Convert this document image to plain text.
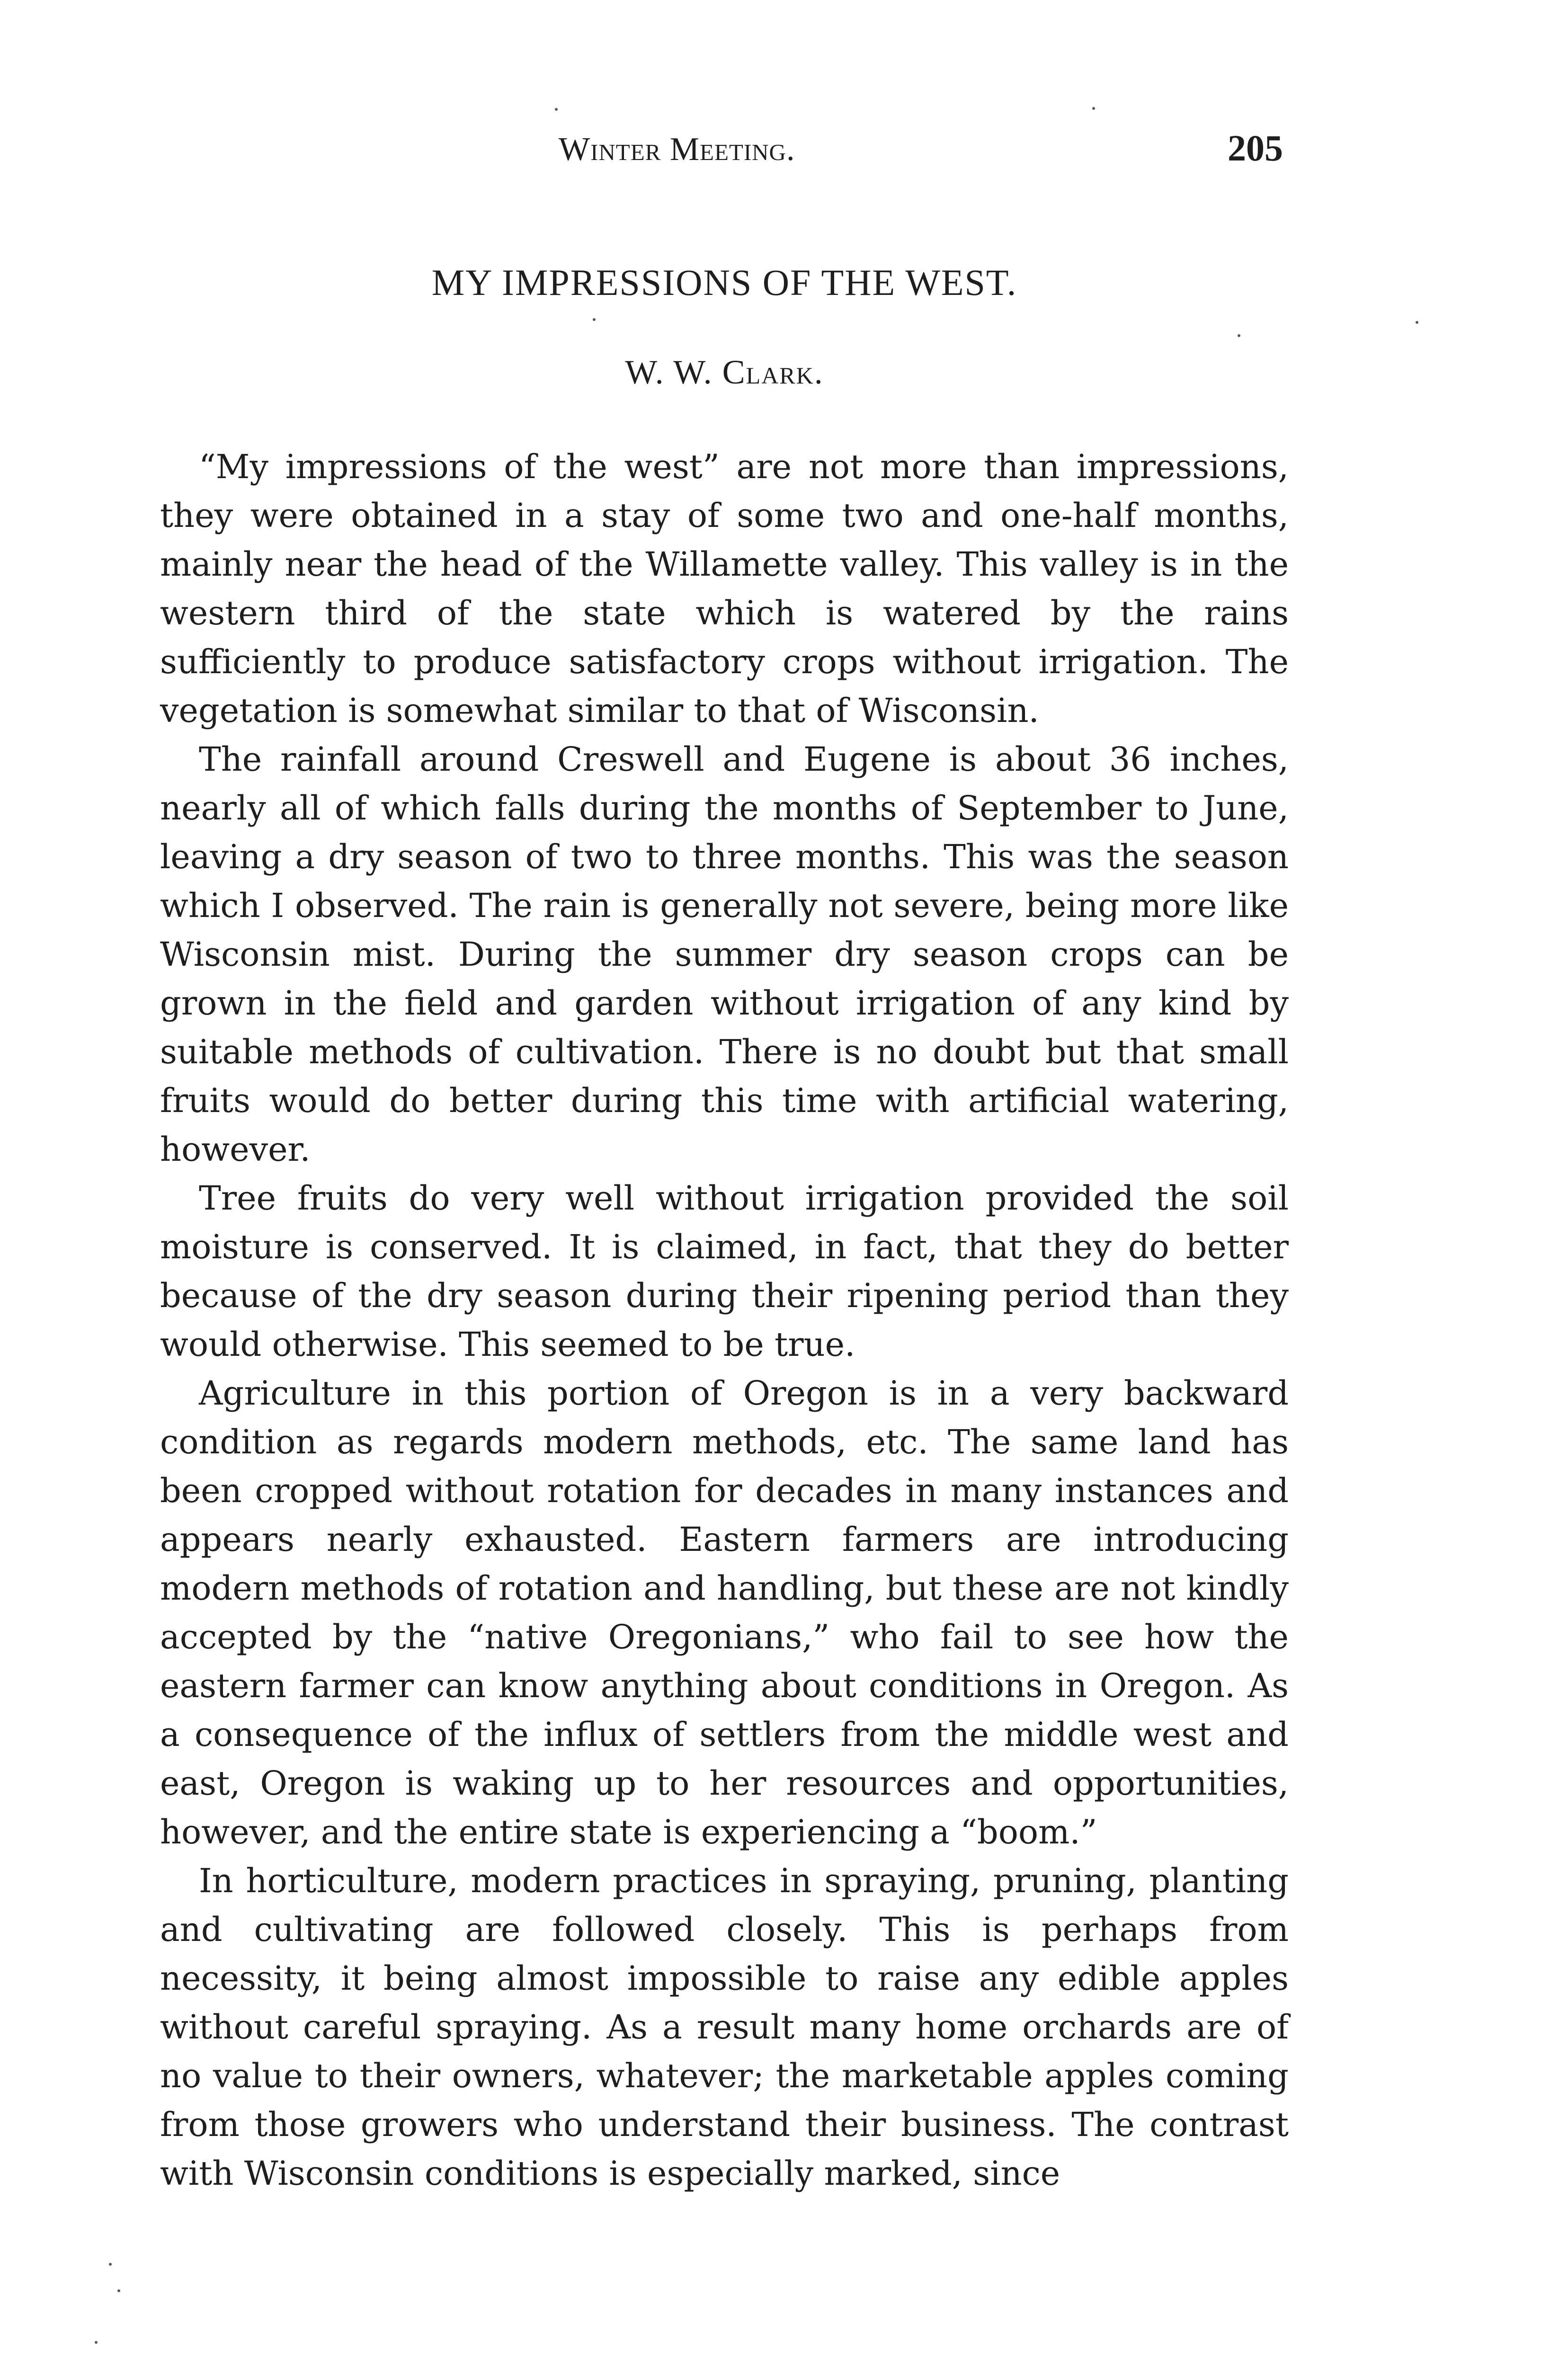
Winter Meeting.	205
MY IMPRESSIONS OF THE WEST.
W. W. Clark.

“My impressions of the west” are not more than impressions, they were obtained in a stay of some two and one-half months, mainly near the head of the Willamette valley. This valley is in the western third of the state which is watered by the rains sufficiently to produce satisfactory crops without irrigation. The vegetation is somewhat similar to that of Wisconsin.

The rainfall around Creswell and Eugene is about 36 inches, nearly all of which falls during the months of September to June, leaving a dry season of two to three months. This was the season which I observed. The rain is generally not severe, being more like Wisconsin mist. During the summer dry season crops can be grown in the field and garden without irrigation of any kind by suitable methods of cultivation. There is no doubt but that small fruits would do better during this time with artificial watering, however.

Tree fruits do very well without irrigation provided the soil moisture is conserved. It is claimed, in fact, that they do better because of the dry season during their ripening period than they would otherwise. This seemed to be true.

Agriculture in this portion of Oregon is in a very backward condition as regards modern methods, etc. The same land has been cropped without rotation for decades in many instances and appears nearly exhausted. Eastern farmers are introducing modern methods of rotation and handling, but these are not kindly accepted by the “native Oregonians,” who fail to see how the eastern farmer can know anything about conditions in Oregon. As a consequence of the influx of settlers from the middle west and east, Oregon is waking up to her resources and opportunities, however, and the entire state is experiencing a “boom.”

In horticulture, modern practices in spraying, pruning, planting and cultivating are followed closely. This is perhaps from necessity, it being almost impossible to raise any edible apples without careful spraying. As a result many home orchards are of no value to their owners, whatever; the marketable apples coming from those growers who understand their business. The contrast with Wisconsin conditions is especially marked, since
